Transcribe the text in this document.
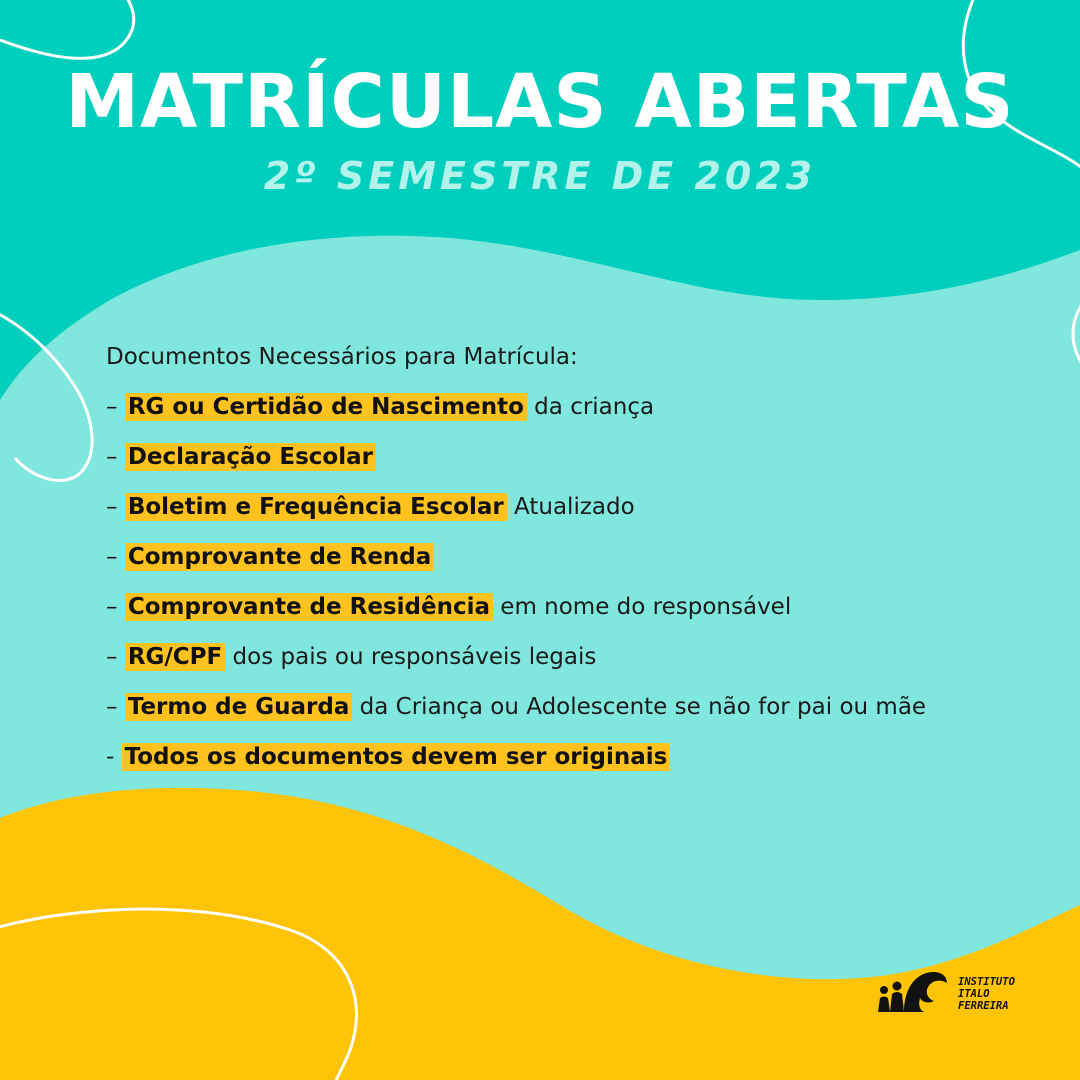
MATRÍCULAS ABERTAS
2º SEMESTRE DE 2023
Documentos Necessários para Matrícula:
– RG ou Certidão de Nascimento da criança
– Declaração Escolar
– Boletim e Frequência Escolar Atualizado
– Comprovante de Renda
– Comprovante de Residência em nome do responsável
– RG/CPF dos pais ou responsáveis legais
– Termo de Guarda da Criança ou Adolescente se não for pai ou mãe
- Todos os documentos devem ser originais
INSTITUTO
ITALO
FERREIRA
